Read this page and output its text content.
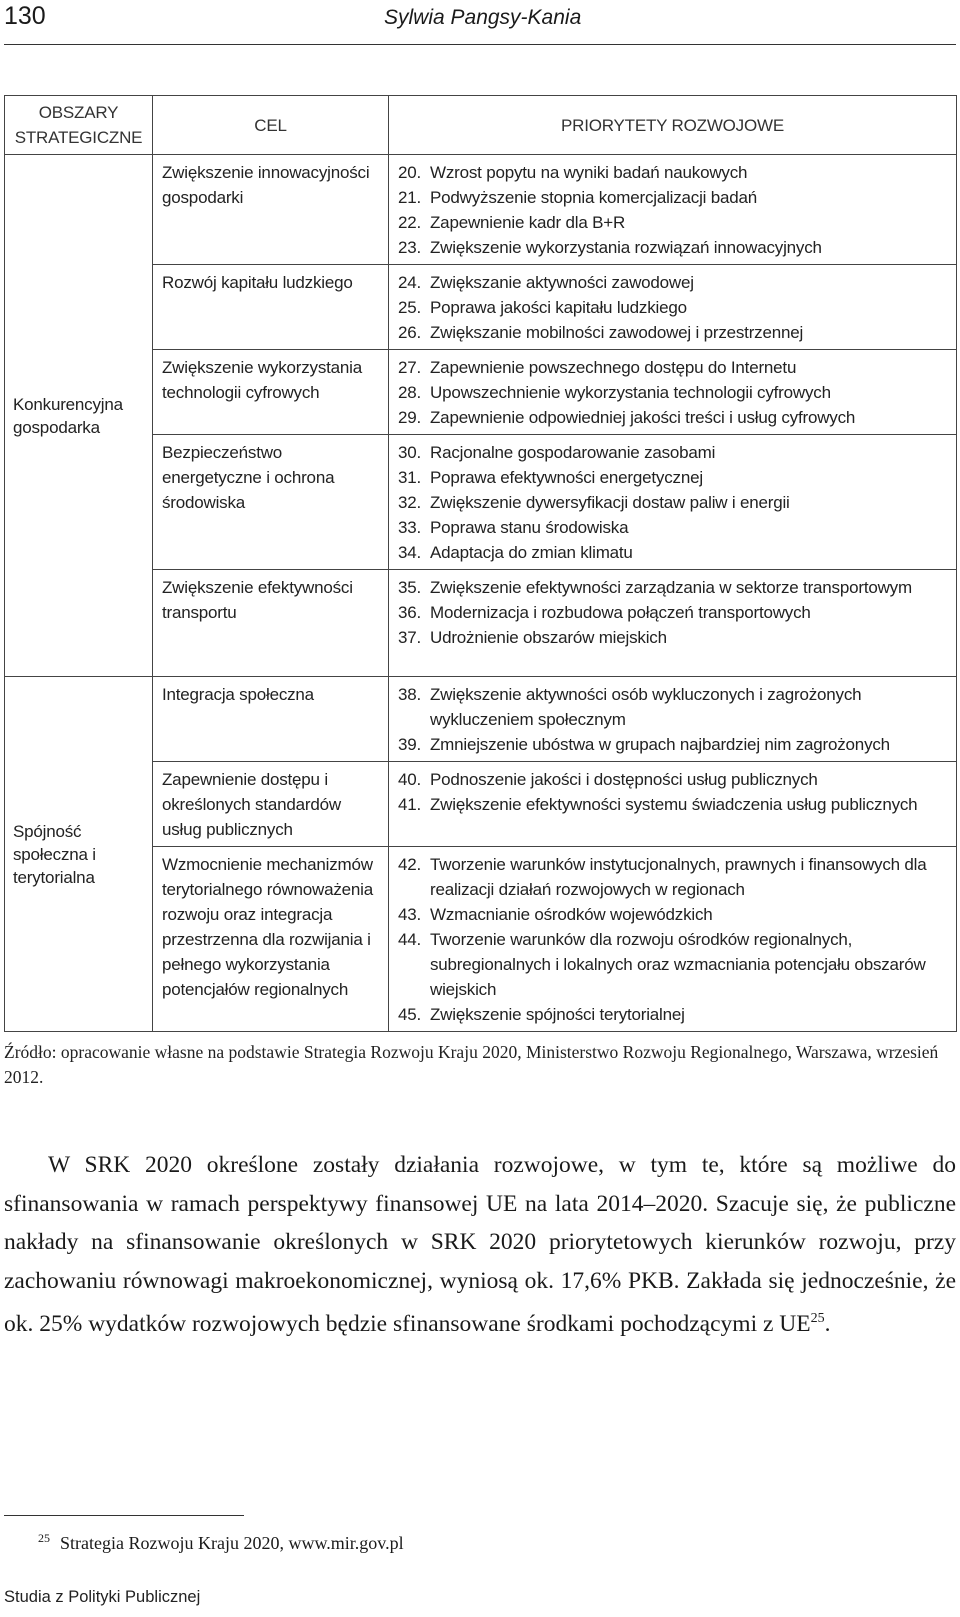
130	Sylwia Pangsy-Kania
OBSZARY STRATEGICZNE	CEL	PRIORYTETY ROZWOJOWE
Konkurencyjna gospodarka	Zwiększenie innowacyjności gospodarki	20. Wzrost popytu na wyniki badań naukowych
21. Podwyższenie stopnia komercjalizacji badań
22. Zapewnienie kadr dla B+R
23. Zwiększenie wykorzystania rozwiązań innowacyjnych

	Rozwój kapitału ludzkiego	24. Zwiększanie aktywności zawodowej
25. Poprawa jakości kapitału ludzkiego
26. Zwiększanie mobilności zawodowej i przestrzennej

	Zwiększenie wykorzystania technologii cyfrowych	27. Zapewnienie powszechnego dostępu do Internetu
28. Upowszechnienie wykorzystania technologii cyfrowych
29. Zapewnienie odpowiedniej jakości treści i usług cyfrowych

	Bezpieczeństwo energetyczne i ochrona środowiska	30. Racjonalne gospodarowanie zasobami
31. Poprawa efektywności energetycznej
32. Zwiększenie dywersyfikacji dostaw paliw i energii
33. Poprawa stanu środowiska
34. Adaptacja do zmian klimatu

	Zwiększenie efektywności transportu	35. Zwiększenie efektywności zarządzania w sektorze transportowym
36. Modernizacja i rozbudowa połączeń transportowych
37. Udrożnienie obszarów miejskich

Spójność społeczna i terytorialna	Integracja społeczna	38. Zwiększenie aktywności osób wykluczonych i zagrożonych wykluczeniem społecznym
39. Zmniejszenie ubóstwa w grupach najbardziej nim zagrożonych

	Zapewnienie dostępu i określonych standardów usług publicznych	40. Podnoszenie jakości i dostępności usług publicznych
41. Zwiększenie efektywności systemu świadczenia usług publicznych

	Wzmocnienie mechanizmów terytorialnego równoważenia rozwoju oraz integracja przestrzenna dla rozwijania i pełnego wykorzystania potencjałów regionalnych	42. Tworzenie warunków instytucjonalnych, prawnych i finansowych dla realizacji działań rozwojowych w regionach
43. Wzmacnianie ośrodków wojewódzkich
44. Tworzenie warunków dla rozwoju ośrodków regionalnych, subregionalnych i lokalnych oraz wzmacniania potencjału obszarów wiejskich
45. Zwiększenie spójności terytorialnej
Źródło: opracowanie własne na podstawie Strategia Rozwoju Kraju 2020, Ministerstwo Rozwoju Regionalnego, Warszawa, wrzesień 2012.

W SRK 2020 określone zostały działania rozwojowe, w tym te, które są możliwe do sfinansowania w ramach perspektywy finansowej UE na lata 2014–2020. Szacuje się, że publiczne nakłady na sfinansowanie określonych w SRK 2020 priorytetowych kierunków rozwoju, przy zachowaniu równowagi makroekonomicznej, wyniosą ok. 17,6% PKB. Zakłada się jednocześnie, że ok. 25% wydatków rozwojowych będzie sfinansowane środkami pochodzącymi z UE$^{25}$.

$^{25}$ Strategia Rozwoju Kraju 2020, www.mir.gov.pl
Studia z Polityki Publicznej
